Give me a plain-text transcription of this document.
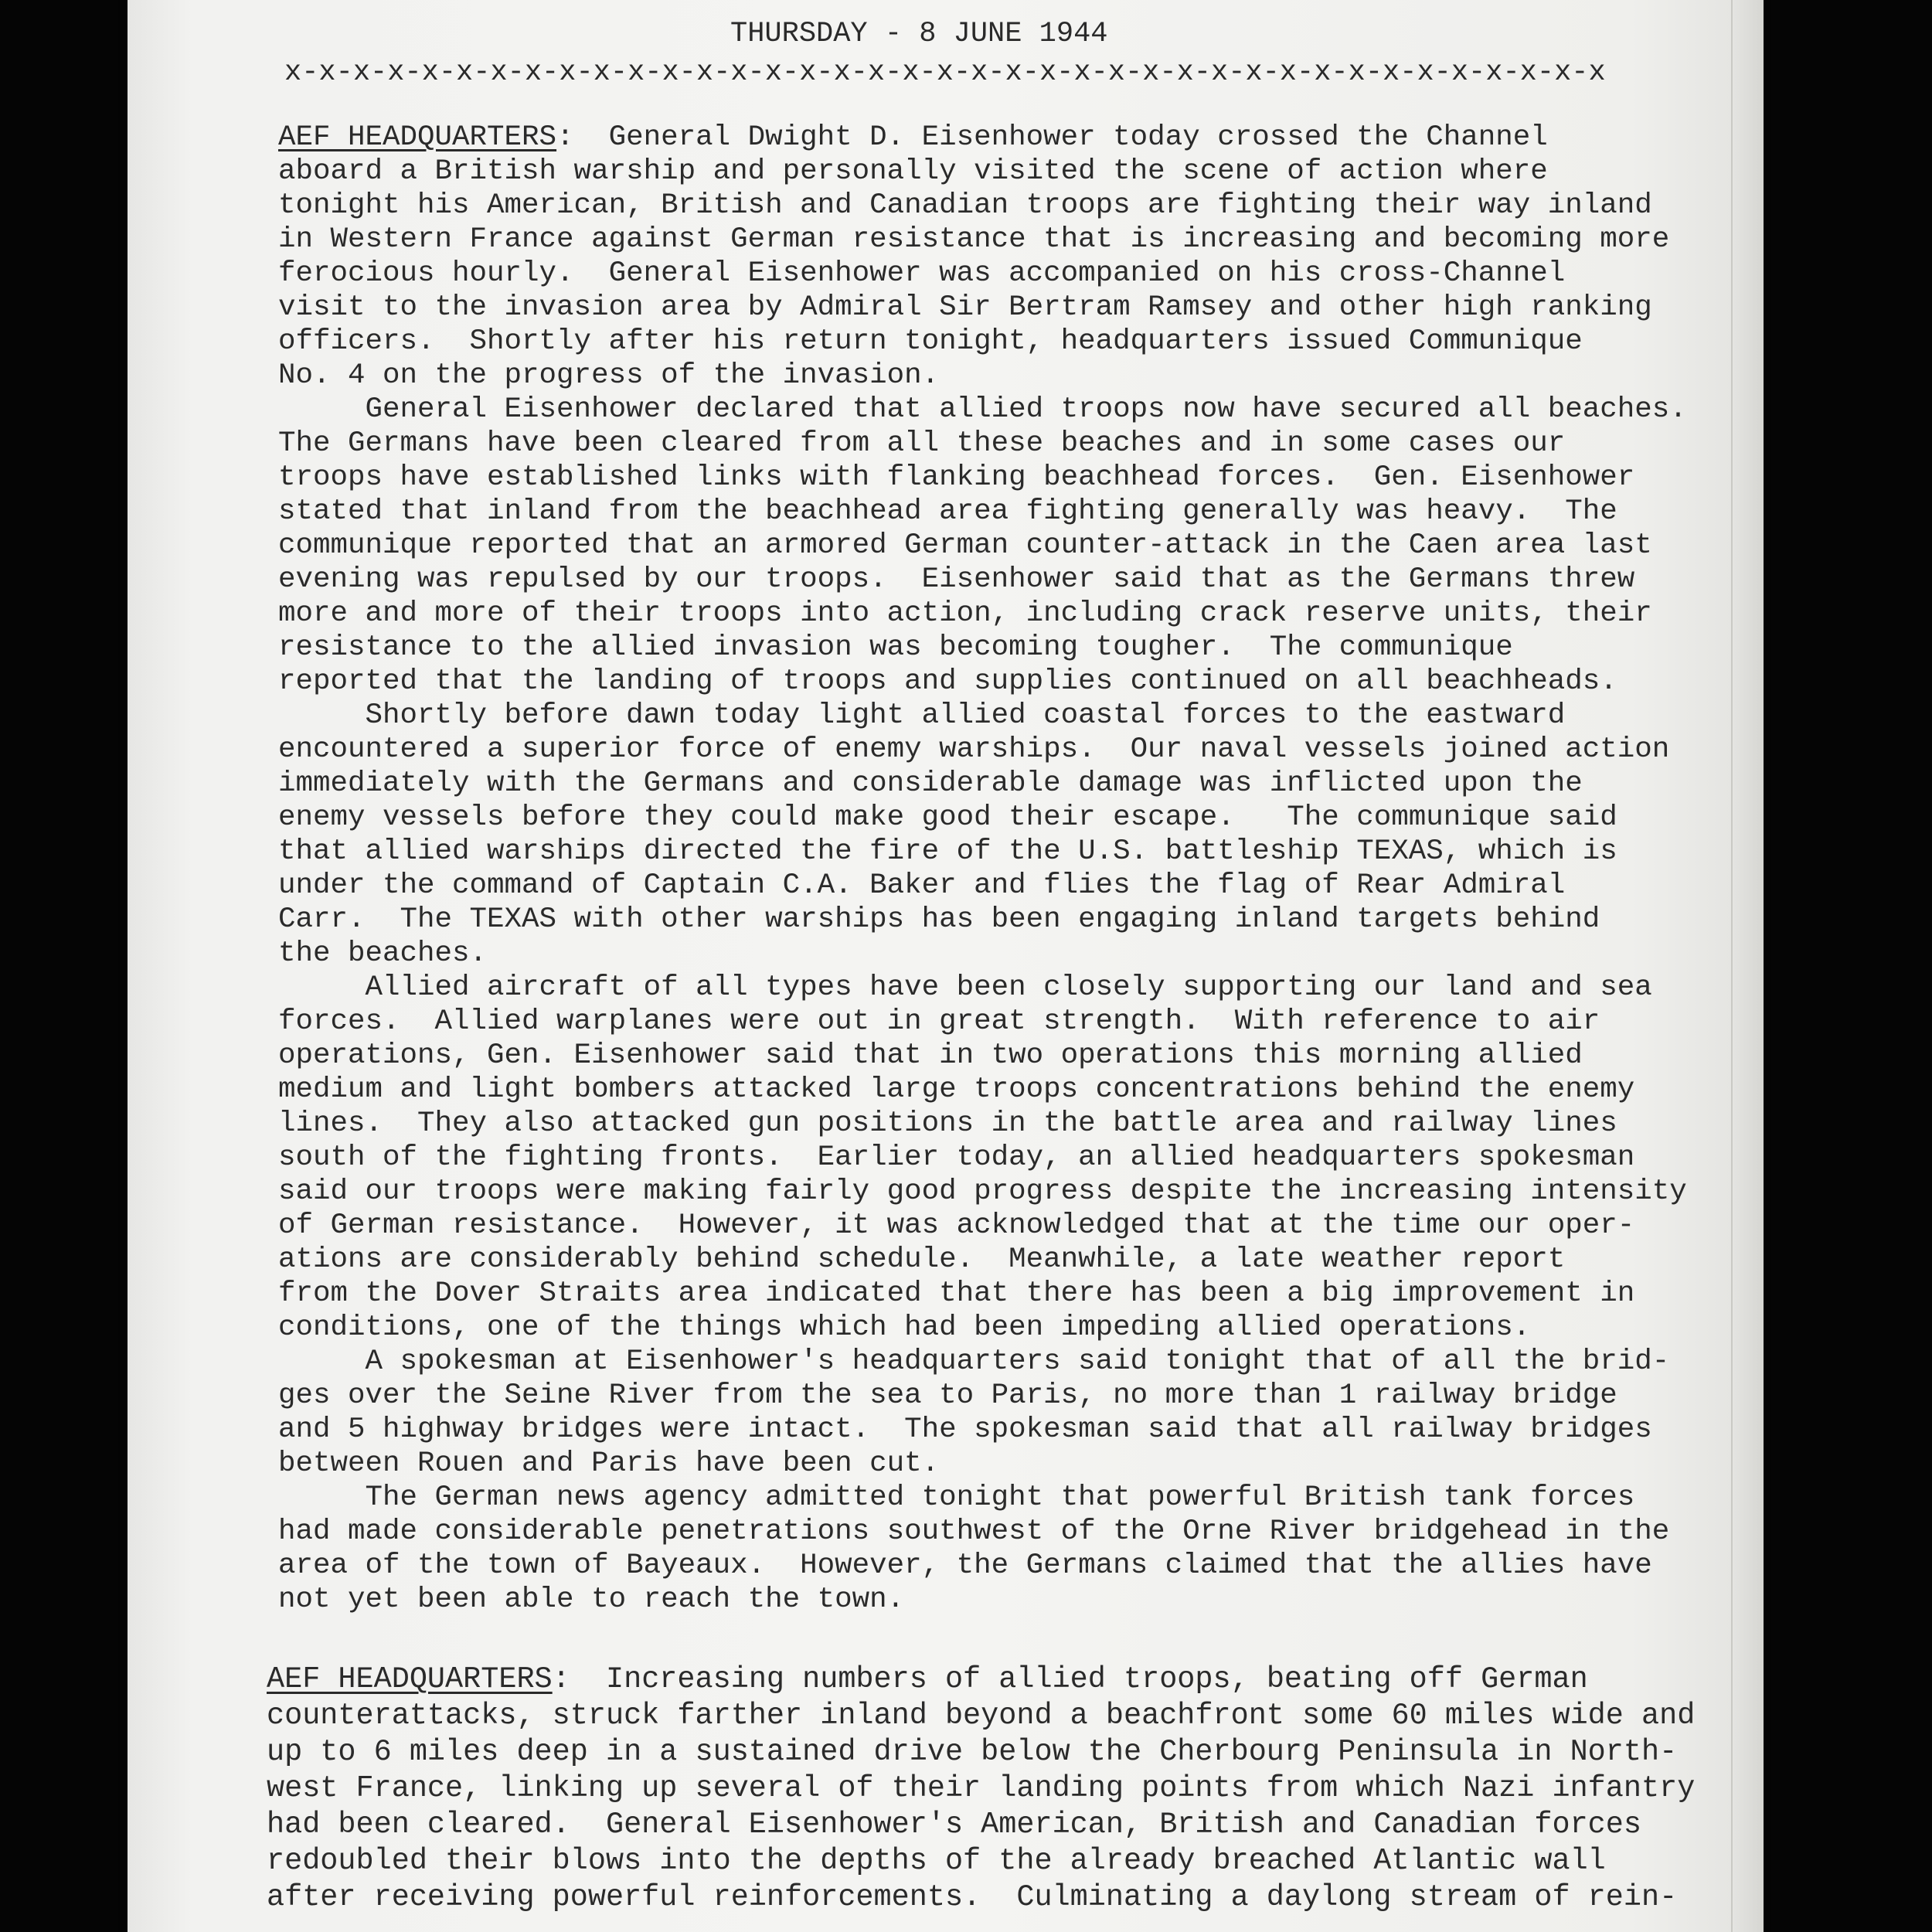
THURSDAY - 8 JUNE 1944
x-x-x-x-x-x-x-x-x-x-x-x-x-x-x-x-x-x-x-x-x-x-x-x-x-x-x-x-x-x-x-x-x-x-x-x-x-x-x
AEF HEADQUARTERS:  General Dwight D. Eisenhower today crossed the Channel
aboard a British warship and personally visited the scene of action where
tonight his American, British and Canadian troops are fighting their way inland
in Western France against German resistance that is increasing and becoming more
ferocious hourly.  General Eisenhower was accompanied on his cross-Channel
visit to the invasion area by Admiral Sir Bertram Ramsey and other high ranking
officers.  Shortly after his return tonight, headquarters issued Communique
No. 4 on the progress of the invasion.
General Eisenhower declared that allied troops now have secured all beaches.
The Germans have been cleared from all these beaches and in some cases our
troops have established links with flanking beachhead forces.  Gen. Eisenhower
stated that inland from the beachhead area fighting generally was heavy.  The
communique reported that an armored German counter-attack in the Caen area last
evening was repulsed by our troops.  Eisenhower said that as the Germans threw
more and more of their troops into action, including crack reserve units, their
resistance to the allied invasion was becoming tougher.  The communique
reported that the landing of troops and supplies continued on all beachheads.
Shortly before dawn today light allied coastal forces to the eastward
encountered a superior force of enemy warships.  Our naval vessels joined action
immediately with the Germans and considerable damage was inflicted upon the
enemy vessels before they could make good their escape.   The communique said
that allied warships directed the fire of the U.S. battleship TEXAS, which is
under the command of Captain C.A. Baker and flies the flag of Rear Admiral
Carr.  The TEXAS with other warships has been engaging inland targets behind
the beaches.
Allied aircraft of all types have been closely supporting our land and sea
forces.  Allied warplanes were out in great strength.  With reference to air
operations, Gen. Eisenhower said that in two operations this morning allied
medium and light bombers attacked large troops concentrations behind the enemy
lines.  They also attacked gun positions in the battle area and railway lines
south of the fighting fronts.  Earlier today, an allied headquarters spokesman
said our troops were making fairly good progress despite the increasing intensity
of German resistance.  However, it was acknowledged that at the time our oper-
ations are considerably behind schedule.  Meanwhile, a late weather report
from the Dover Straits area indicated that there has been a big improvement in
conditions, one of the things which had been impeding allied operations.
A spokesman at Eisenhower's headquarters said tonight that of all the brid-
ges over the Seine River from the sea to Paris, no more than 1 railway bridge
and 5 highway bridges were intact.  The spokesman said that all railway bridges
between Rouen and Paris have been cut.
The German news agency admitted tonight that powerful British tank forces
had made considerable penetrations southwest of the Orne River bridgehead in the
area of the town of Bayeaux.  However, the Germans claimed that the allies have
not yet been able to reach the town.
AEF HEADQUARTERS:  Increasing numbers of allied troops, beating off German
counterattacks, struck farther inland beyond a beachfront some 60 miles wide and
up to 6 miles deep in a sustained drive below the Cherbourg Peninsula in North-
west France, linking up several of their landing points from which Nazi infantry
had been cleared.  General Eisenhower's American, British and Canadian forces
redoubled their blows into the depths of the already breached Atlantic wall
after receiving powerful reinforcements.  Culminating a daylong stream of rein-
